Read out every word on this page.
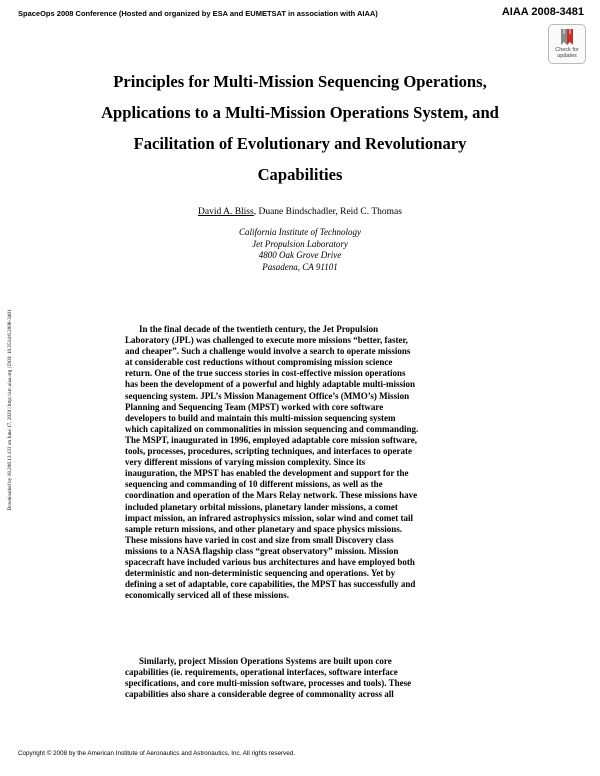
SpaceOps 2008 Conference (Hosted and organized by ESA and EUMETSAT in association with AIAA)	AIAA 2008-3481
Check for
updates
Downloaded by 18.206.13.133 on June 17, 2020 | http://arc.aiaa.org | DOI: 10.2514/6.2008-3481
Principles for Multi-Mission Sequencing Operations,
Applications to a Multi-Mission Operations System, and
Facilitation of Evolutionary and Revolutionary
Capabilities
David A. Bliss, Duane Bindschadler, Reid C. Thomas
California Institute of Technology
Jet Propulsion Laboratory
4800 Oak Grove Drive
Pasadena, CA 91101
In the final decade of the twentieth century, the Jet Propulsion
Laboratory (JPL) was challenged to execute more missions “better, faster,
and cheaper”. Such a challenge would involve a search to operate missions
at considerable cost reductions without compromising mission science
return. One of the true success stories in cost-effective mission operations
has been the development of a powerful and highly adaptable multi-mission
sequencing system. JPL’s Mission Management Office’s (MMO’s) Mission
Planning and Sequencing Team (MPST) worked with core software
developers to build and maintain this multi-mission sequencing system
which capitalized on commonalities in mission sequencing and commanding.
The MSPT, inaugurated in 1996, employed adaptable core mission software,
tools, processes, procedures, scripting techniques, and interfaces to operate
very different missions of varying mission complexity. Since its
inauguration, the MPST has enabled the development and support for the
sequencing and commanding of 10 different missions, as well as the
coordination and operation of the Mars Relay network. These missions have
included planetary orbital missions, planetary lander missions, a comet
impact mission, an infrared astrophysics mission, solar wind and comet tail
sample return missions, and other planetary and space physics missions.
These missions have varied in cost and size from small Discovery class
missions to a NASA flagship class “great observatory” mission. Mission
spacecraft have included various bus architectures and have employed both
deterministic and non-deterministic sequencing and operations. Yet by
defining a set of adaptable, core capabilities, the MPST has successfully and
economically serviced all of these missions.
Similarly, project Mission Operations Systems are built upon core
capabilities (ie. requirements, operational interfaces, software interface
specifications, and core multi-mission software, processes and tools). These
capabilities also share a considerable degree of commonality across all
Copyright © 2008 by the American Institute of Aeronautics and Astronautics, Inc. All rights reserved.
